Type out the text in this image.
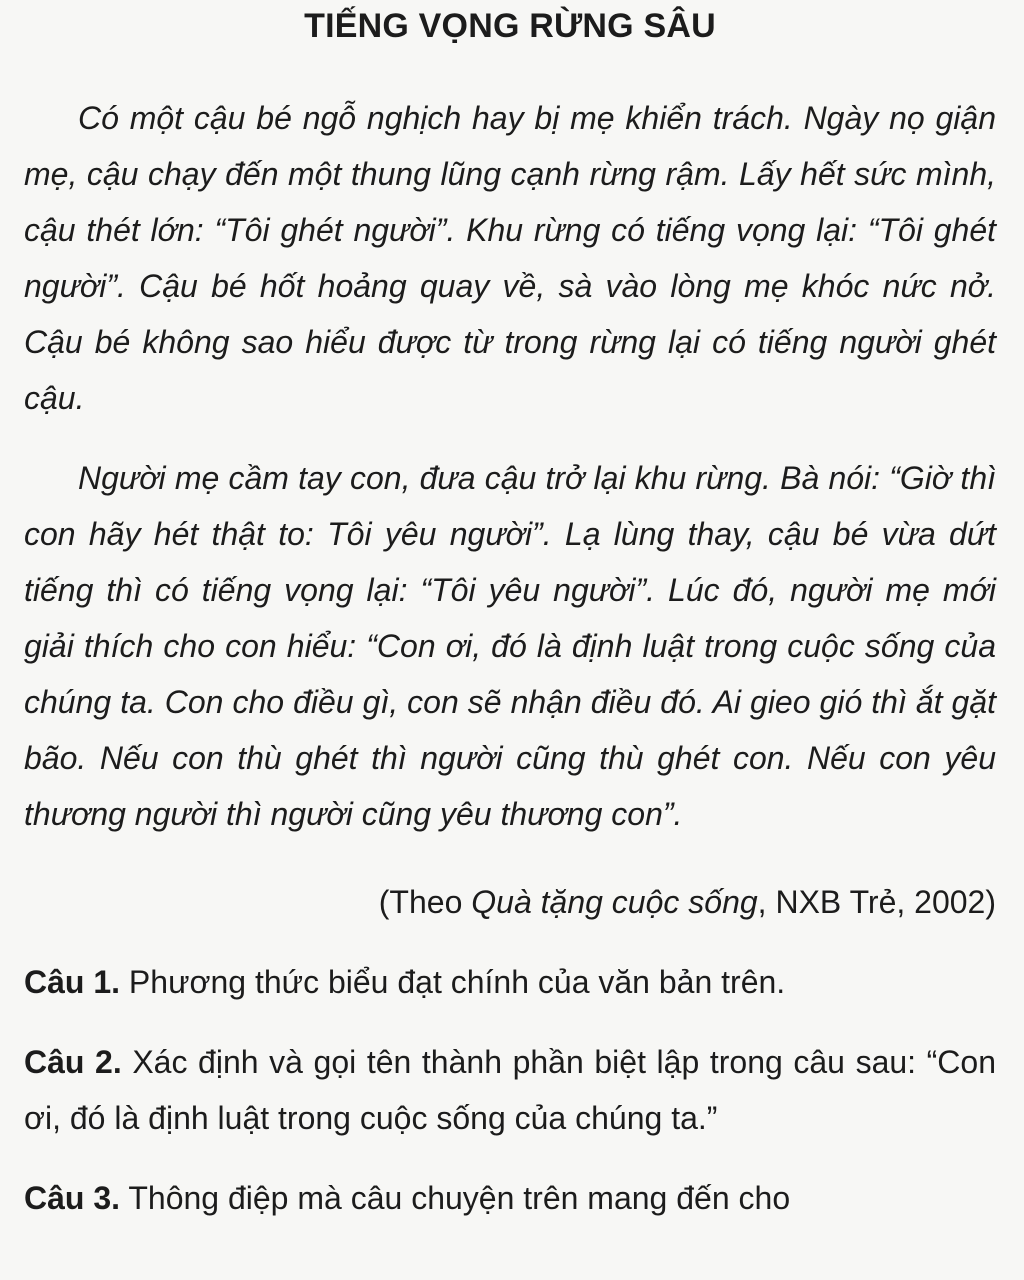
TIẾNG VỌNG RỪNG SÂU

Có một cậu bé ngỗ nghịch hay bị mẹ khiển trách. Ngày nọ giận mẹ, cậu chạy đến một thung lũng cạnh rừng rậm. Lấy hết sức mình, cậu thét lớn: “Tôi ghét người”. Khu rừng có tiếng vọng lại: “Tôi ghét người”. Cậu bé hốt hoảng quay về, sà vào lòng mẹ khóc nức nở. Cậu bé không sao hiểu được từ trong rừng lại có tiếng người ghét cậu.

Người mẹ cầm tay con, đưa cậu trở lại khu rừng. Bà nói: “Giờ thì con hãy hét thật to: Tôi yêu người”. Lạ lùng thay, cậu bé vừa dứt tiếng thì có tiếng vọng lại: “Tôi yêu người”. Lúc đó, người mẹ mới giải thích cho con hiểu: “Con ơi, đó là định luật trong cuộc sống của chúng ta. Con cho điều gì, con sẽ nhận điều đó. Ai gieo gió thì ắt gặt bão. Nếu con thù ghét thì người cũng thù ghét con. Nếu con yêu thương người thì người cũng yêu thương con”.

(Theo Quà tặng cuộc sống, NXB Trẻ, 2002)

Câu 1. Phương thức biểu đạt chính của văn bản trên.

Câu 2. Xác định và gọi tên thành phần biệt lập trong câu sau: “Con ơi, đó là định luật trong cuộc sống của chúng ta.”

Câu 3. Thông điệp mà câu chuyện trên mang đến cho
